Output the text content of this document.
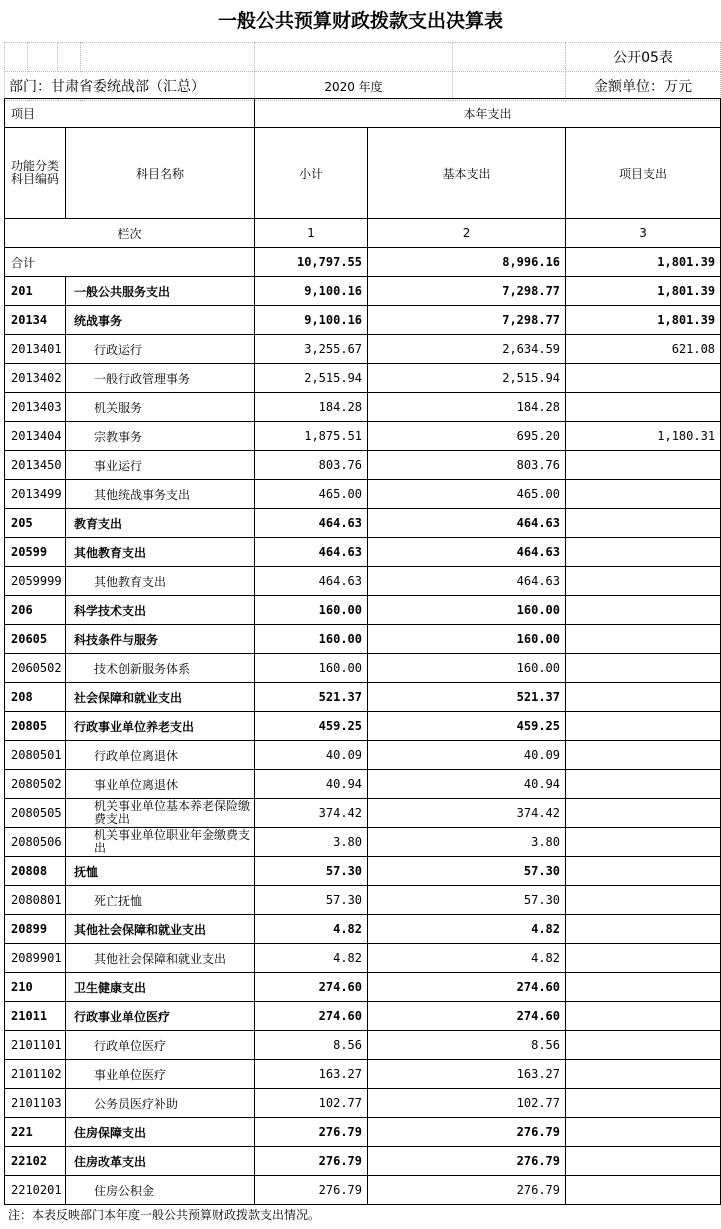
一般公共预算财政拨款支出决算表
						公开05表
部门：甘肃省委统战部（汇总）				2020 年度		金额单位：万元
项目		本年支出		
功能分类科目编码	科目名称	小计	基本支出	项目支出
栏次		1	2	3
合计		10,797.55	8,996.16	1,801.39
201	一般公共服务支出	9,100.16	7,298.77	1,801.39
20134	统战事务	9,100.16	7,298.77	1,801.39
2013401	行政运行	3,255.67	2,634.59	621.08
2013402	一般行政管理事务	2,515.94	2,515.94	
2013403	机关服务	184.28	184.28	
2013404	宗教事务	1,875.51	695.20	1,180.31
2013450	事业运行	803.76	803.76	
2013499	其他统战事务支出	465.00	465.00	
205	教育支出	464.63	464.63	
20599	其他教育支出	464.63	464.63	
2059999	其他教育支出	464.63	464.63	
206	科学技术支出	160.00	160.00	
20605	科技条件与服务	160.00	160.00	
2060502	技术创新服务体系	160.00	160.00	
208	社会保障和就业支出	521.37	521.37	
20805	行政事业单位养老支出	459.25	459.25	
2080501	行政单位离退休	40.09	40.09	
2080502	事业单位离退休	40.94	40.94	
2080505	机关事业单位基本养老保险缴费支出	374.42	374.42	
2080506	机关事业单位职业年金缴费支出	3.80	3.80	
20808	抚恤	57.30	57.30	
2080801	死亡抚恤	57.30	57.30	
20899	其他社会保障和就业支出	4.82	4.82	
2089901	其他社会保障和就业支出	4.82	4.82	
210	卫生健康支出	274.60	274.60	
21011	行政事业单位医疗	274.60	274.60	
2101101	行政单位医疗	8.56	8.56	
2101102	事业单位医疗	163.27	163.27	
2101103	公务员医疗补助	102.77	102.77	
221	住房保障支出	276.79	276.79	
22102	住房改革支出	276.79	276.79	
2210201	住房公积金	276.79	276.79	
注：本表反映部门本年度一般公共预算财政拨款支出情况。
